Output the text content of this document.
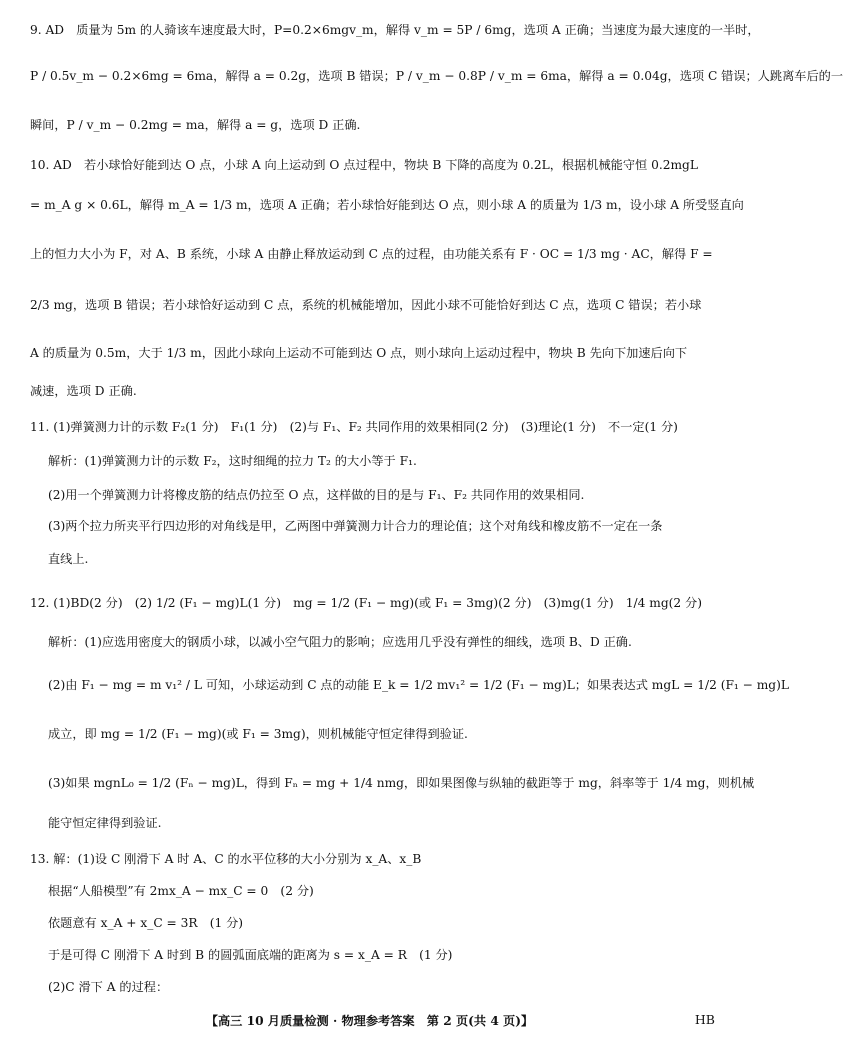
9. AD　质量为 5m 的人骑该车速度最大时，P=0.2×6mgv_m，解得 v_m = 5P / 6mg，选项 A 正确；当速度为最大速度的一半时，
P / 0.5v_m − 0.2×6mg = 6ma，解得 a = 0.2g，选项 B 错误；P / v_m − 0.8P / v_m = 6ma，解得 a = 0.04g，选项 C 错误；人跳离车后的一
瞬间，P / v_m − 0.2mg = ma，解得 a = g，选项 D 正确.
10. AD　若小球恰好能到达 O 点，小球 A 向上运动到 O 点过程中，物块 B 下降的高度为 0.2L，根据机械能守恒 0.2mgL
= m_A g × 0.6L，解得 m_A = 1/3 m，选项 A 正确；若小球恰好能到达 O 点，则小球 A 的质量为 1/3 m，设小球 A 所受竖直向
上的恒力大小为 F，对 A、B 系统，小球 A 由静止释放运动到 C 点的过程，由功能关系有 F · OC = 1/3 mg · AC，解得 F =
2/3 mg，选项 B 错误；若小球恰好运动到 C 点，系统的机械能增加，因此小球不可能恰好到达 C 点，选项 C 错误；若小球
A 的质量为 0.5m，大于 1/3 m，因此小球向上运动不可能到达 O 点，则小球向上运动过程中，物块 B 先向下加速后向下
减速，选项 D 正确.
11. (1)弹簧测力计的示数 F₂(1 分)　F₁(1 分)　(2)与 F₁、F₂ 共同作用的效果相同(2 分)　(3)理论(1 分)　不一定(1 分)
解析：(1)弹簧测力计的示数 F₂，这时细绳的拉力 T₂ 的大小等于 F₁.
(2)用一个弹簧测力计将橡皮筋的结点仍拉至 O 点，这样做的目的是与 F₁、F₂ 共同作用的效果相同.
(3)两个拉力所夹平行四边形的对角线是甲，乙两图中弹簧测力计合力的理论值；这个对角线和橡皮筋不一定在一条
直线上.
12. (1)BD(2 分)　(2) 1/2 (F₁ − mg)L(1 分)　mg = 1/2 (F₁ − mg)(或 F₁ = 3mg)(2 分)　(3)mg(1 分)　1/4 mg(2 分)
解析：(1)应选用密度大的钢质小球，以减小空气阻力的影响；应选用几乎没有弹性的细线，选项 B、D 正确.
(2)由 F₁ − mg = m v₁² / L 可知，小球运动到 C 点的动能 E_k = 1/2 mv₁² = 1/2 (F₁ − mg)L；如果表达式 mgL = 1/2 (F₁ − mg)L
成立，即 mg = 1/2 (F₁ − mg)(或 F₁ = 3mg)，则机械能守恒定律得到验证.
(3)如果 mgnL₀ = 1/2 (Fₙ − mg)L，得到 Fₙ = mg + 1/4 nmg，即如果图像与纵轴的截距等于 mg，斜率等于 1/4 mg，则机械
能守恒定律得到验证.
13. 解：(1)设 C 刚滑下 A 时 A、C 的水平位移的大小分别为 x_A、x_B
根据“人船模型”有 2mx_A − mx_C = 0　(2 分)
依题意有 x_A + x_C = 3R　(1 分)
于是可得 C 刚滑下 A 时到 B 的圆弧面底端的距离为 s = x_A = R　(1 分)
(2)C 滑下 A 的过程：
【高三 10 月质量检测 · 物理参考答案　第 2 页(共 4 页)】	HB
